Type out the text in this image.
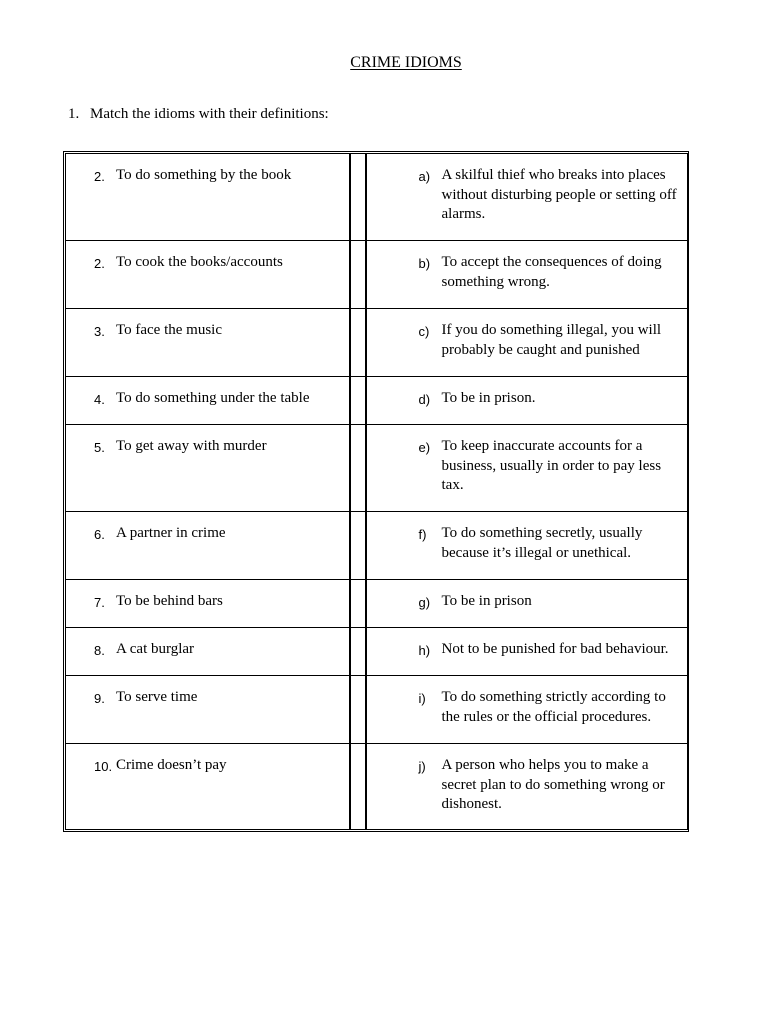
CRIME IDIOMS
1. Match the idioms with their definitions:
2. To do something by the book		a) A skilful thief who breaks into places without disturbing people or setting off alarms.

2. To cook the books/accounts		b) To accept the consequences of doing something wrong.

3. To face the music		c) If you do something illegal, you will probably be caught and punished

4. To do something under the table		d) To be in prison.

5. To get away with murder		e) To keep inaccurate accounts for a business, usually in order to pay less tax.

6. A partner in crime		f) To do something secretly, usually because it’s illegal or unethical.

7. To be behind bars		g) To be in prison

8. A cat burglar		h) Not to be punished for bad behaviour.

9. To serve time		i) To do something strictly according to the rules or the official procedures.

10. Crime doesn’t pay		j) A person who helps you to make a secret plan to do something wrong or dishonest.
